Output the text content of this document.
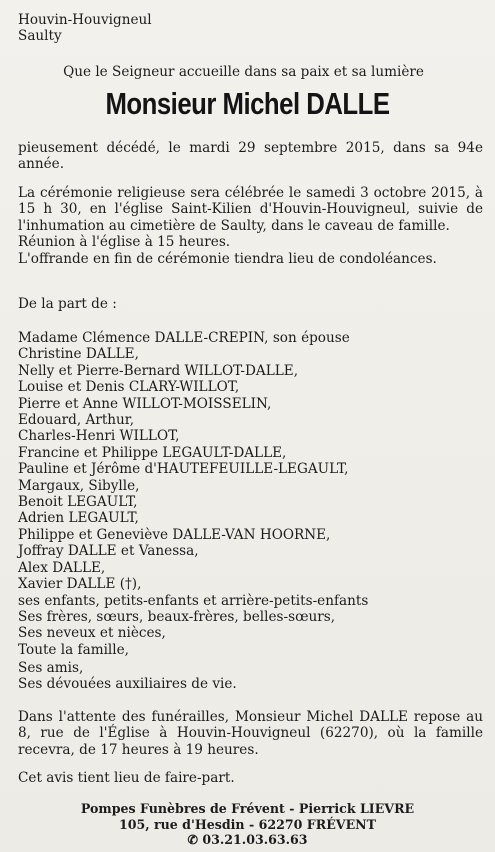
Houvin-Houvigneul
Saulty
Que le Seigneur accueille dans sa paix et sa lumière
Monsieur Michel DALLE
pieusement décédé, le mardi 29 septembre 2015, dans sa 94e année.
La cérémonie religieuse sera célébrée le samedi 3 octobre 2015, à 15 h 30, en l'église Saint-Kilien d'Houvin-Houvigneul, suivie de l'inhumation au cimetière de Saulty, dans le caveau de famille.
Réunion à l'église à 15 heures.
L'offrande en fin de cérémonie tiendra lieu de condoléances.
De la part de :
Madame Clémence DALLE-CREPIN, son épouse
Christine DALLE,
Nelly et Pierre-Bernard WILLOT-DALLE,
Louise et Denis CLARY-WILLOT,
Pierre et Anne WILLOT-MOISSELIN,
Edouard, Arthur,
Charles-Henri WILLOT,
Francine et Philippe LEGAULT-DALLE,
Pauline et Jérôme d'HAUTEFEUILLE-LEGAULT,
Margaux, Sibylle,
Benoit LEGAULT,
Adrien LEGAULT,
Philippe et Geneviève DALLE-VAN HOORNE,
Joffray DALLE et Vanessa,
Alex DALLE,
Xavier DALLE (†),
ses enfants, petits-enfants et arrière-petits-enfants
Ses frères, sœurs, beaux-frères, belles-sœurs,
Ses neveux et nièces,
Toute la famille,
Ses amis,
Ses dévouées auxiliaires de vie.
Dans l'attente des funérailles, Monsieur Michel DALLE repose au 8, rue de l'Église à Houvin-Houvigneul (62270), où la famille recevra, de 17 heures à 19 heures.
Cet avis tient lieu de faire-part.
Pompes Funèbres de Frévent - Pierrick LIEVRE
105, rue d'Hesdin - 62270 FRÉVENT
✆ 03.21.03.63.63
